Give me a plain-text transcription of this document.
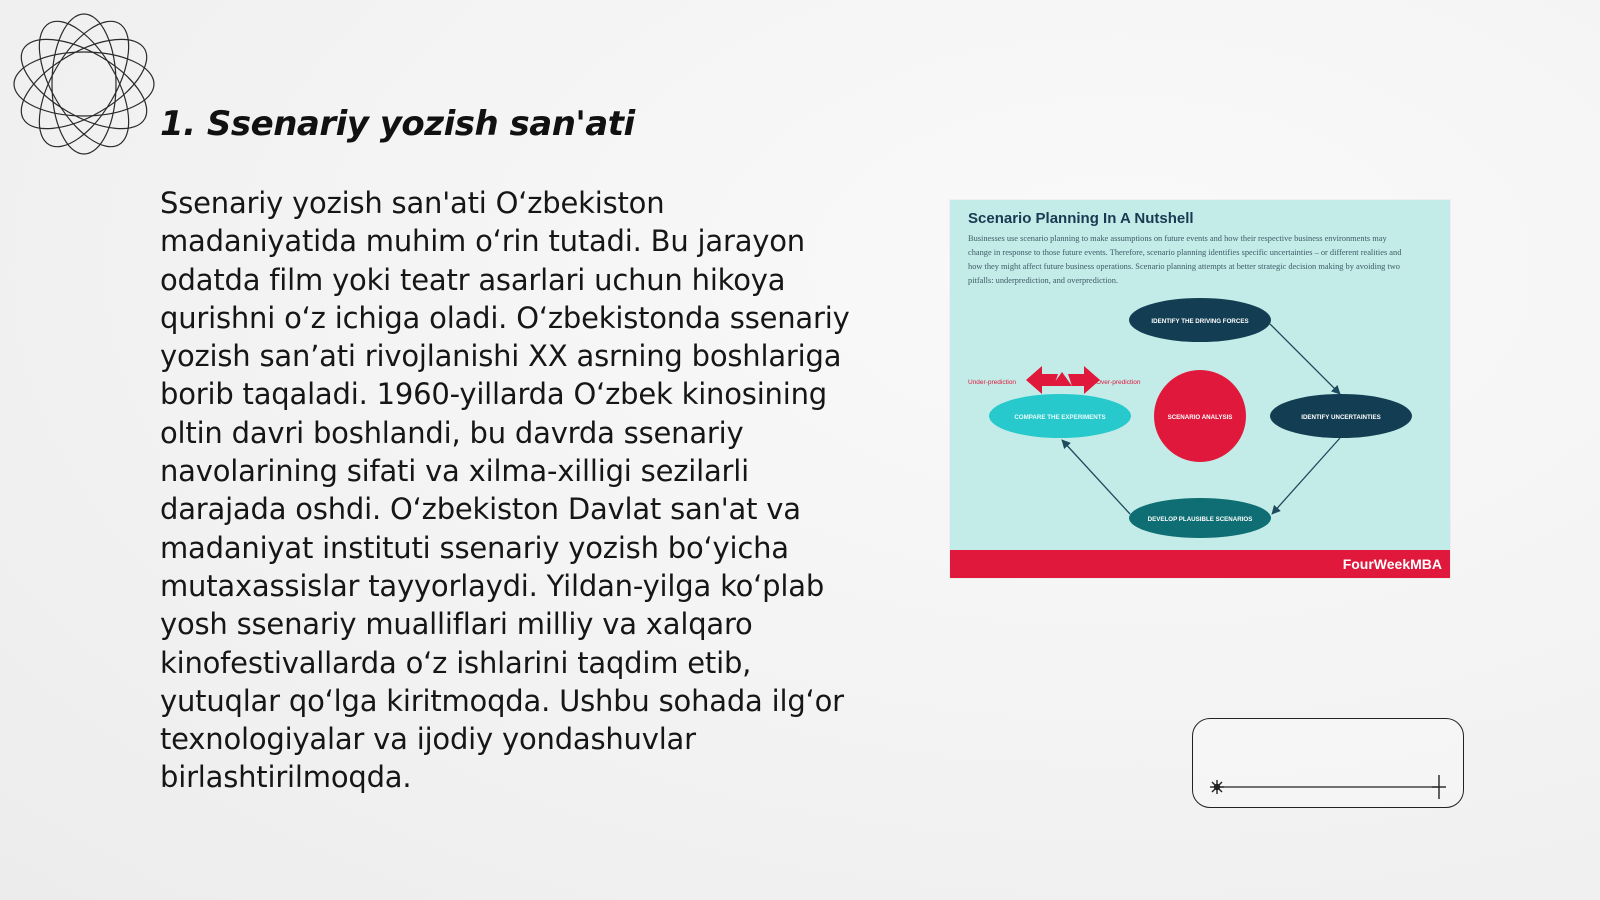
1. Ssenariy yozish san'ati

Ssenariy yozish san'ati O‘zbekiston madaniyatida muhim o‘rin tutadi. Bu jarayon odatda film yoki teatr asarlari uchun hikoya qurishni o‘z ichiga oladi. O‘zbekistonda ssenariy yozish san’ati rivojlanishi XX asrning boshlariga borib taqaladi. 1960-yillarda O‘zbek kinosining oltin davri boshlandi, bu davrda ssenariy navolarining sifati va xilma-xilligi sezilarli darajada oshdi. O‘zbekiston Davlat san'at va madaniyat instituti ssenariy yozish bo‘yicha mutaxassislar tayyorlaydi. Yildan-yilga ko‘plab yosh ssenariy mualliflari milliy va xalqaro kinofestivallarda o‘z ishlarini taqdim etib, yutuqlar qo‘lga kiritmoqda. Ushbu sohada ilg‘or texnologiyalar va ijodiy yondashuvlar birlashtirilmoqda.

Scenario Planning In A Nutshell

Businesses use scenario planning to make assumptions on future events and how their respective business environments may change in response to those future events. Therefore, scenario planning identifies specific uncertainties – or different realities and how they might affect future business operations. Scenario planning attempts at better strategic decision making by avoiding two pitfalls: underprediction, and overprediction.

IDENTIFY THE DRIVING FORCES
IDENTIFY UNCERTAINTIES
DEVELOP PLAUSIBLE SCENARIOS
COMPARE THE EXPERIMENTS	SCENARIO ANALYSIS
Under-prediction	Over-prediction
FourWeekMBA
